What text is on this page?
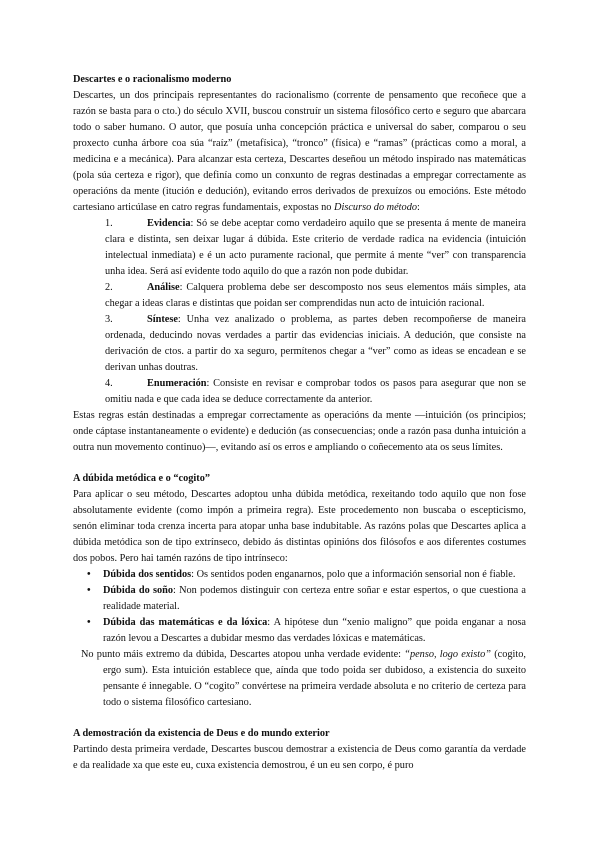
Descartes e o racionalismo moderno

Descartes, un dos principais representantes do racionalismo (corrente de pensamento que recoñece que a razón se basta para o cto.) do século XVII, buscou construír un sistema filosófico certo e seguro que abarcara todo o saber humano. O autor, que posuía unha concepción práctica e universal do saber, comparou o seu proxecto cunha árbore coa súa “raíz” (metafísica), “tronco” (física) e “ramas” (prácticas como a moral, a medicina e a mecánica). Para alcanzar esta certeza, Descartes deseñou un método inspirado nas matemáticas (pola súa certeza e rigor), que definía como un conxunto de regras destinadas a empregar correctamente as operacións da mente (itución e dedución), evitando erros derivados de prexuízos ou emocións. Este método cartesiano articúlase en catro regras fundamentais, expostas no Discurso do método:

1.	Evidencia: Só se debe aceptar como verdadeiro aquilo que se presenta á mente de maneira clara e distinta, sen deixar lugar á dúbida. Este criterio de verdade radica na evidencia (intuición intelectual inmediata) e é un acto puramente racional, que permite á mente “ver” con transparencia unha idea. Será así evidente todo aquilo do que a razón non pode dubidar.
2.	Análise: Calquera problema debe ser descomposto nos seus elementos máis simples, ata chegar a ideas claras e distintas que poidan ser comprendidas nun acto de intuición racional.
3.	Síntese: Unha vez analizado o problema, as partes deben recompoñerse de maneira ordenada, deducindo novas verdades a partir das evidencias iniciais. A dedución, que consiste na derivación de ctos. a partir do xa seguro, permítenos chegar a “ver” como as ideas se encadean e se derivan unhas doutras.
4.	Enumeración: Consiste en revisar e comprobar todos os pasos para asegurar que non se omitiu nada e que cada idea se deduce correctamente da anterior.

Estas regras están destinadas a empregar correctamente as operacións da mente —intuición (os principios; onde cáptase instantaneamente o evidente) e dedución (as consecuencias; onde a razón pasa dunha intuición a outra nun movemento continuo)—, evitando así os erros e ampliando o coñecemento ata os seus límites.

A dúbida metódica e o “cogito”

Para aplicar o seu método, Descartes adoptou unha dúbida metódica, rexeitando todo aquilo que non fose absolutamente evidente (como impón a primeira regra). Este procedemento non buscaba o escepticismo, senón eliminar toda crenza incerta para atopar unha base indubitable. As razóns polas que Descartes aplica a dúbida metódica son de tipo extrínseco, debido ás distintas opinións dos filósofos e aos diferentes costumes dos pobos. Pero hai tamén razóns de tipo intrínseco:

• Dúbida dos sentidos: Os sentidos poden enganarnos, polo que a información sensorial non é fiable.
• Dúbida do soño: Non podemos distinguir con certeza entre soñar e estar espertos, o que cuestiona a realidade material.
• Dúbida das matemáticas e da lóxica: A hipótese dun “xenio maligno” que poida enganar a nosa razón levou a Descartes a dubidar mesmo das verdades lóxicas e matemáticas.

No punto máis extremo da dúbida, Descartes atopou unha verdade evidente: “penso, logo existo” (cogito, ergo sum). Esta intuición establece que, aínda que todo poida ser dubidoso, a existencia do suxeito pensante é innegable. O “cogito” convértese na primeira verdade absoluta e no criterio de certeza para todo o sistema filosófico cartesiano.

A demostración da existencia de Deus e do mundo exterior

Partindo desta primeira verdade, Descartes buscou demostrar a existencia de Deus como garantía da verdade e da realidade xa que este eu, cuxa existencia demostrou, é un eu sen corpo, é puro
